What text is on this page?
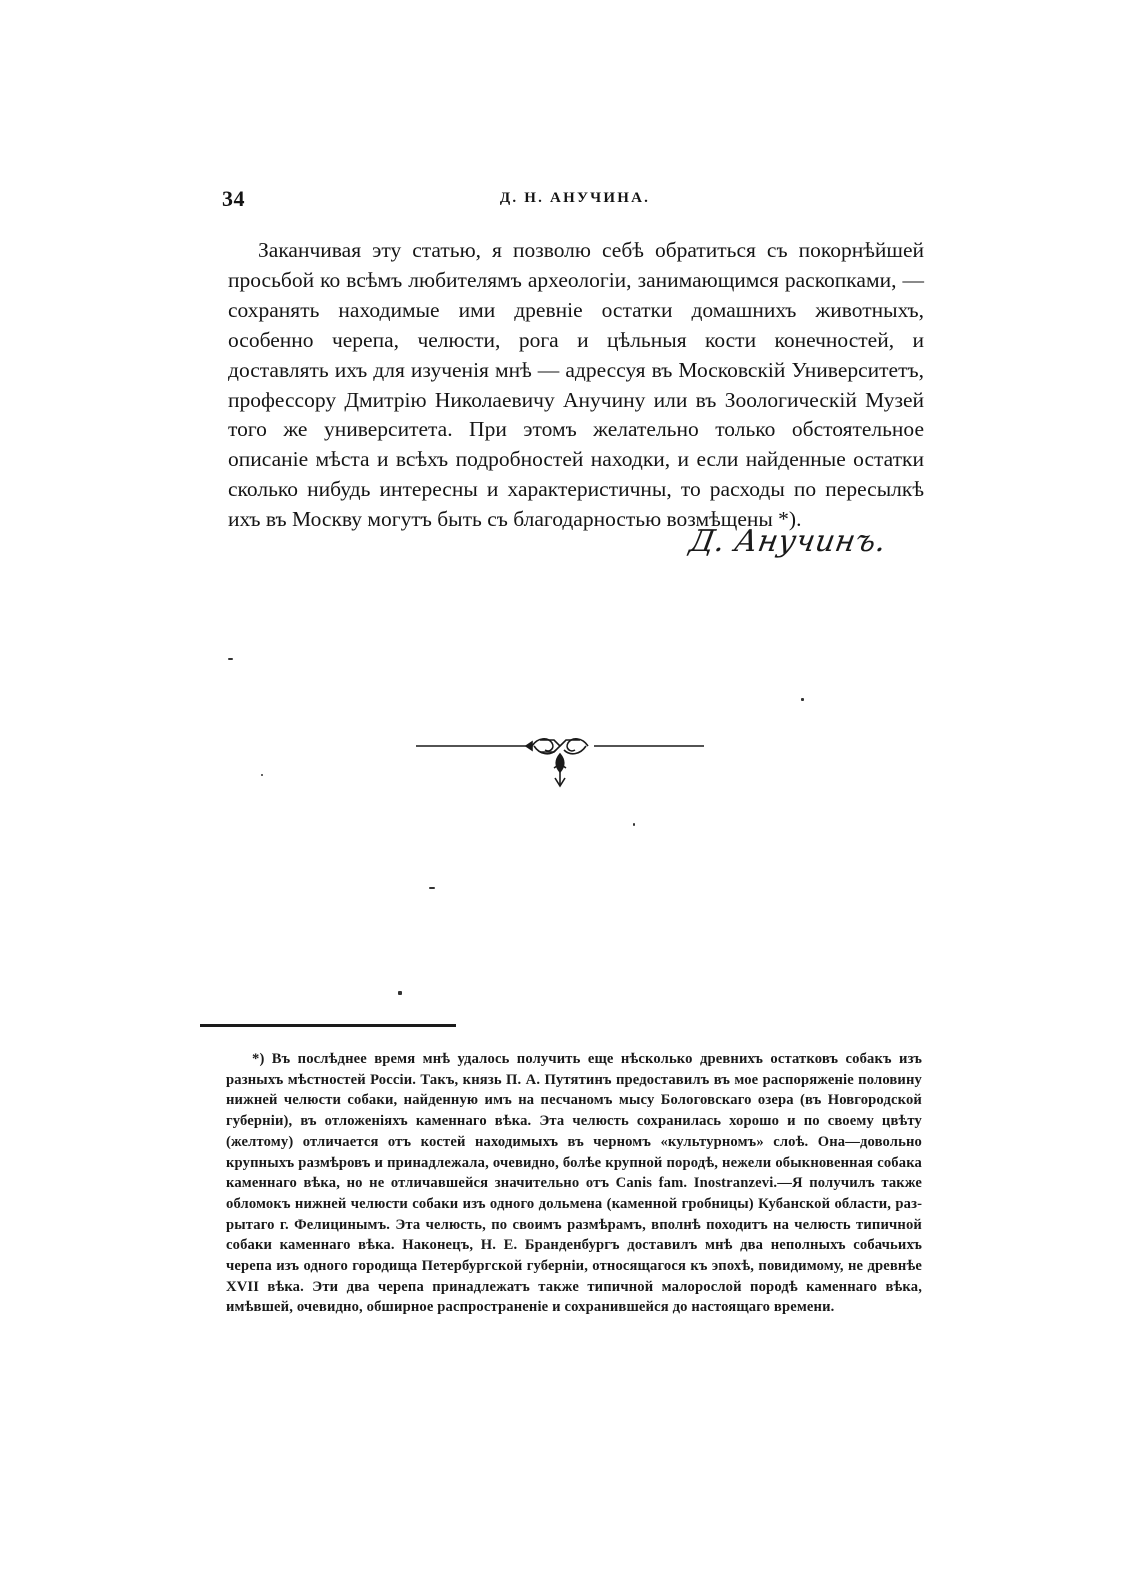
34	Д. Н. АНУЧИНА.

Заканчивая эту статью, я позволю себѣ обратиться съ покорнѣйшей просьбой ко всѣмъ любителямъ археологіи, занимающимся раскопками, — сохранять находимые ими древніе остатки домашнихъ животныхъ, особенно черепа, челюсти, рога и цѣльныя кости конечностей, и доставлять ихъ для изученія мнѣ — адрессуя въ Московскій Университетъ, профессору Дмитрію Николаевичу Анучину или въ Зоологическій Музей того же университета. При этомъ желательно только обстоятельное описаніе мѣста и всѣхъ подробностей находки, и если найденные остатки сколько нибудь интересны и характеристичны, то расходы по пересылкѣ ихъ въ Москву могутъ быть съ благодарностью возмѣщены *).

Д. Анучинъ.

*) Въ послѣднее время мнѣ удалось получить еще нѣсколько древнихъ остатковъ собакъ изъ разныхъ мѣстностей Россіи. Такъ, князь П. А. Путятинъ предоставилъ въ мое распоряженіе половину нижней челюсти собаки, найденную имъ на песчаномъ мысу Бологовскаго озера (въ Новгородской губерніи), въ отложеніяхъ каменнаго вѣка. Эта челюсть сохранилась хорошо и по своему цвѣту (желтому) отличается отъ костей находимыхъ въ черномъ «культурномъ» слоѣ. Она—довольно крупныхъ размѣровъ и принадлежала, очевидно, болѣе крупной породѣ, нежели обыкновенная собака каменнаго вѣка, но не отличавшейся значительно отъ Canis fam. Inostranzevi.—Я получилъ также обломокъ нижней челюсти собаки изъ одного дольмена (каменной гробницы) Кубанской области, разрытаго г. Фелицинымъ. Эта челюсть, по своимъ размѣрамъ, вполнѣ походитъ на челюсть типичной собаки каменнаго вѣка. Наконецъ, Н. Е. Бранденбургъ доставилъ мнѣ два неполныхъ собачьихъ черепа изъ одного городища Петербургской губерніи, относящагося къ эпохѣ, повидимому, не древнѣе XVII вѣка. Эти два черепа принадлежатъ также типичной малорослой породѣ каменнаго вѣка, имѣвшей, очевидно, обширное распространеніе и сохранившейся до настоящаго времени.
